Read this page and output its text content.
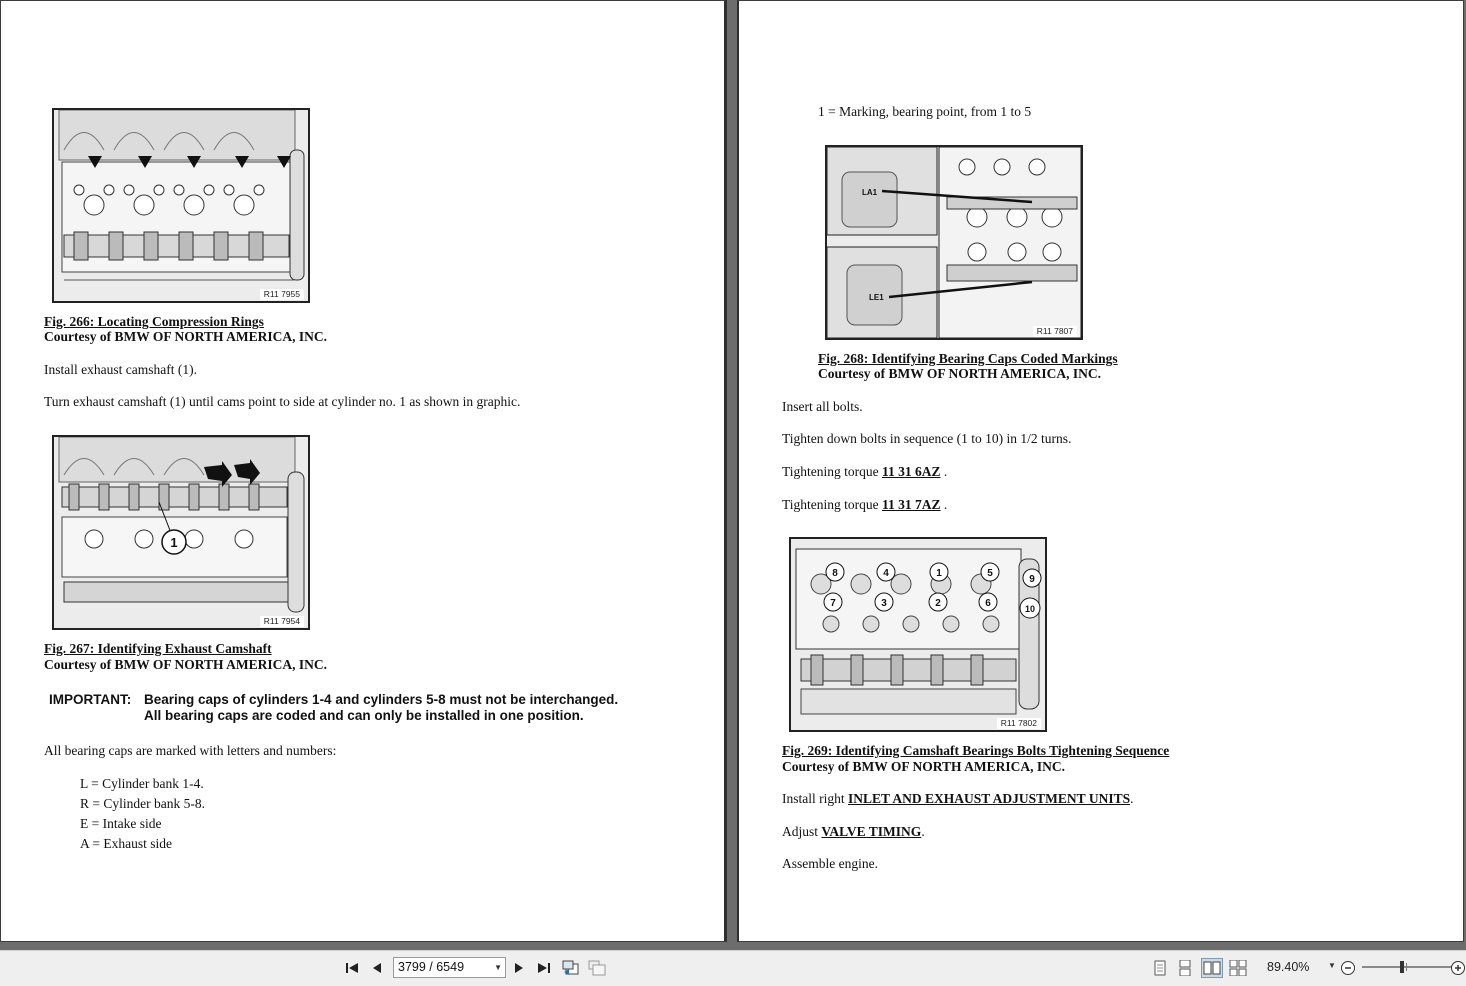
R11 7955
Fig. 266: Locating Compression Rings
Courtesy of BMW OF NORTH AMERICA, INC.
Install exhaust camshaft (1).
Turn exhaust camshaft (1) until cams point to side at cylinder no. 1 as shown in graphic.
1
R11 7954
Fig. 267: Identifying Exhaust Camshaft
Courtesy of BMW OF NORTH AMERICA, INC.
IMPORTANT: Bearing caps of cylinders 1-4 and cylinders 5-8 must not be interchanged.
All bearing caps are coded and can only be installed in one position.
All bearing caps are marked with letters and numbers:
L = Cylinder bank 1-4.
R = Cylinder bank 5-8.
E = Intake side
A = Exhaust side
1 = Marking, bearing point, from 1 to 5
LA1
LE1
R11 7807
Fig. 268: Identifying Bearing Caps Coded Markings
Courtesy of BMW OF NORTH AMERICA, INC.
Insert all bolts.
Tighten down bolts in sequence (1 to 10) in 1/2 turns.
Tightening torque 11 31 6AZ .
Tightening torque 11 31 7AZ .
8	4	1	5
9
7	3	2	6	10
R11 7802
Fig. 269: Identifying Camshaft Bearings Bolts Tightening Sequence
Courtesy of BMW OF NORTH AMERICA, INC.
Install right INLET AND EXHAUST ADJUSTMENT UNITS.
Adjust VALVE TIMING.
Assemble engine.
3799 / 6549	▼	89.40% ▼
